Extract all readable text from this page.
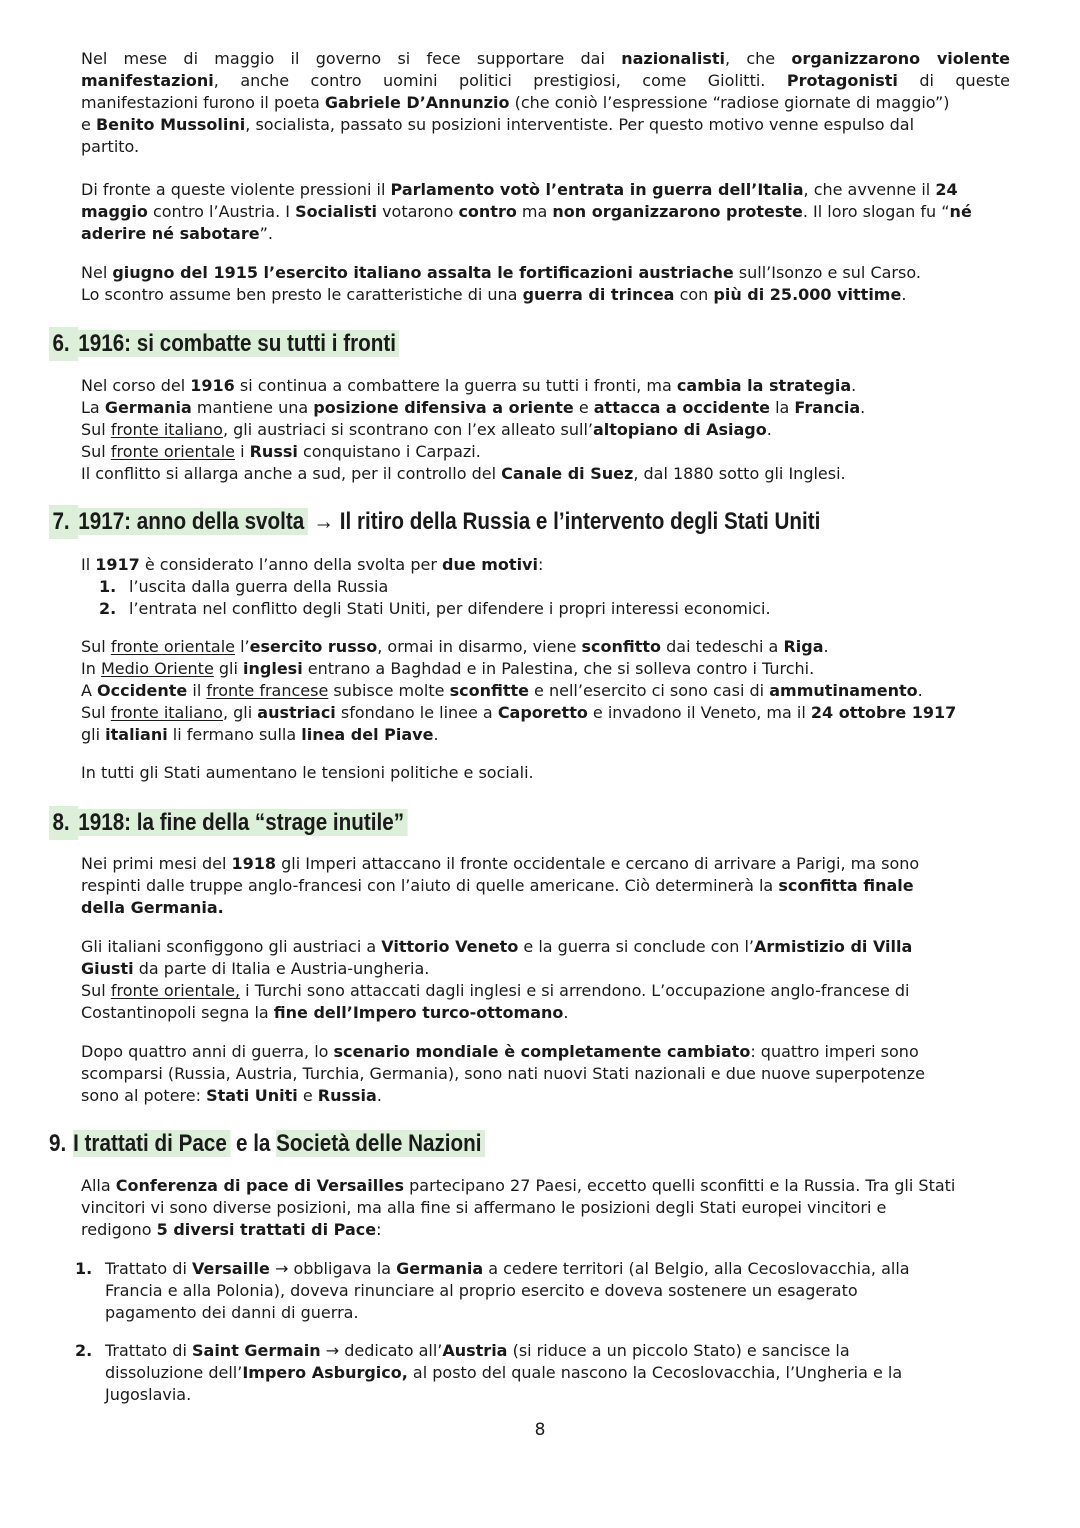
Nel mese di maggio il governo si fece supportare dai nazionalisti, che organizzarono violente
manifestazioni, anche contro uomini politici prestigiosi, come Giolitti. Protagonisti di queste
manifestazioni furono il poeta Gabriele D’Annunzio (che coniò l’espressione “radiose giornate di maggio”)
e Benito Mussolini, socialista, passato su posizioni interventiste. Per questo motivo venne espulso dal
partito.
Di fronte a queste violente pressioni il Parlamento votò l’entrata in guerra dell’Italia, che avvenne il 24
maggio contro l’Austria. I Socialisti votarono contro ma non organizzarono proteste. Il loro slogan fu “né
aderire né sabotare”.
Nel giugno del 1915 l’esercito italiano assalta le fortificazioni austriache sull’Isonzo e sul Carso.
Lo scontro assume ben presto le caratteristiche di una guerra di trincea con più di 25.000 vittime.
6. 1916: si combatte su tutti i fronti
Nel corso del 1916 si continua a combattere la guerra su tutti i fronti, ma cambia la strategia.
La Germania mantiene una posizione difensiva a oriente e attacca a occidente la Francia.
Sul fronte italiano, gli austriaci si scontrano con l’ex alleato sull’altopiano di Asiago.
Sul fronte orientale i Russi conquistano i Carpazi.
Il conflitto si allarga anche a sud, per il controllo del Canale di Suez, dal 1880 sotto gli Inglesi.
7. 1917: anno della svolta → Il ritiro della Russia e l’intervento degli Stati Uniti
Il 1917 è considerato l’anno della svolta per due motivi:
1. l’uscita dalla guerra della Russia
2. l’entrata nel conflitto degli Stati Uniti, per difendere i propri interessi economici.
Sul fronte orientale l’esercito russo, ormai in disarmo, viene sconfitto dai tedeschi a Riga.
In Medio Oriente gli inglesi entrano a Baghdad e in Palestina, che si solleva contro i Turchi.
A Occidente il fronte francese subisce molte sconfitte e nell’esercito ci sono casi di ammutinamento.
Sul fronte italiano, gli austriaci sfondano le linee a Caporetto e invadono il Veneto, ma il 24 ottobre 1917
gli italiani li fermano sulla linea del Piave.
In tutti gli Stati aumentano le tensioni politiche e sociali.
8. 1918: la fine della “strage inutile”
Nei primi mesi del 1918 gli Imperi attaccano il fronte occidentale e cercano di arrivare a Parigi, ma sono
respinti dalle truppe anglo-francesi con l’aiuto di quelle americane. Ciò determinerà la sconfitta finale
della Germania.
Gli italiani sconfiggono gli austriaci a Vittorio Veneto e la guerra si conclude con l’Armistizio di Villa
Giusti da parte di Italia e Austria-ungheria.
Sul fronte orientale, i Turchi sono attaccati dagli inglesi e si arrendono. L’occupazione anglo-francese di
Costantinopoli segna la fine dell’Impero turco-ottomano.
Dopo quattro anni di guerra, lo scenario mondiale è completamente cambiato: quattro imperi sono
scomparsi (Russia, Austria, Turchia, Germania), sono nati nuovi Stati nazionali e due nuove superpotenze
sono al potere: Stati Uniti e Russia.
9. I trattati di Pace e la Società delle Nazioni
Alla Conferenza di pace di Versailles partecipano 27 Paesi, eccetto quelli sconfitti e la Russia. Tra gli Stati
vincitori vi sono diverse posizioni, ma alla fine si affermano le posizioni degli Stati europei vincitori e
redigono 5 diversi trattati di Pace:
1. Trattato di Versaille → obbligava la Germania a cedere territori (al Belgio, alla Cecoslovacchia, alla
Francia e alla Polonia), doveva rinunciare al proprio esercito e doveva sostenere un esagerato
pagamento dei danni di guerra.
2. Trattato di Saint Germain → dedicato all’Austria (si riduce a un piccolo Stato) e sancisce la
dissoluzione dell’Impero Asburgico, al posto del quale nascono la Cecoslovacchia, l’Ungheria e la
Jugoslavia.
8
